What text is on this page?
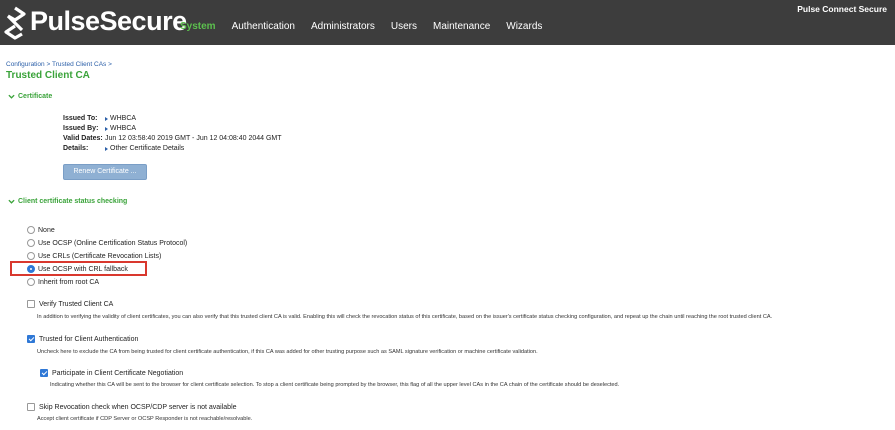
PulseSecure
System Authentication Administrators Users Maintenance Wizards
Pulse Connect Secure
Configuration > Trusted Client CAs >
Trusted Client CA
Certificate
Issued To:	WHBCA
Issued By:	WHBCA
Valid Dates: Jun 12 03:58:40 2019 GMT - Jun 12 04:08:40 2044 GMT
Details:	Other Certificate Details
Renew Certificate ...
Client certificate status checking
None
Use OCSP (Online Certification Status Protocol)
Use CRLs (Certificate Revocation Lists)
Use OCSP with CRL fallback
Inherit from root CA
Verify Trusted Client CA
In addition to verifying the validity of client certificates, you can also verify that this trusted client CA is valid. Enabling this will check the revocation status of this certificate, based on the issuer's certificate status checking configuration, and repeat up the chain until reaching the root trusted client CA.
Trusted for Client Authentication
Uncheck here to exclude the CA from being trusted for client certificate authentication, if this CA was added for other trusting purpose such as SAML signature verification or machine certificate validation.
Participate in Client Certificate Negotiation
Indicating whether this CA will be sent to the browser for client certificate selection. To stop a client certificate being prompted by the browser, this flag of all the upper level CAs in the CA chain of the certificate should be deselected.
Skip Revocation check when OCSP/CDP server is not available
Accept client certificate if CDP Server or OCSP Responder is not reachable/resolvable.
